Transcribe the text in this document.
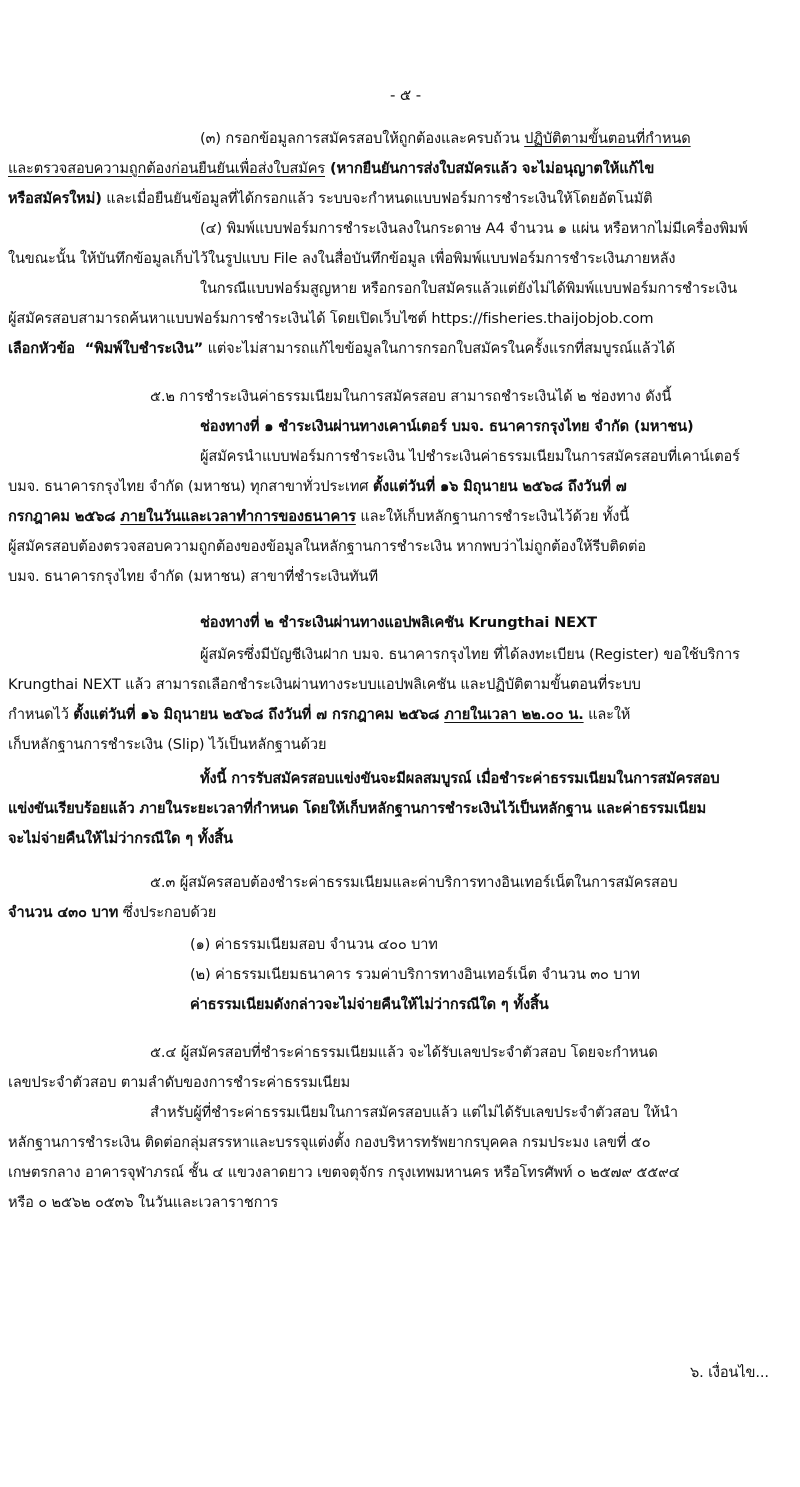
- ๕ -
(๓) กรอกข้อมูลการสมัครสอบให้ถูกต้องและครบถ้วน ปฏิบัติตามขั้นตอนที่กำหนด
และตรวจสอบความถูกต้องก่อนยืนยันเพื่อส่งใบสมัคร (หากยืนยันการส่งใบสมัครแล้ว จะไม่อนุญาตให้แก้ไข
หรือสมัครใหม่) และเมื่อยืนยันข้อมูลที่ได้กรอกแล้ว ระบบจะกำหนดแบบฟอร์มการชำระเงินให้โดยอัตโนมัติ
(๔) พิมพ์แบบฟอร์มการชำระเงินลงในกระดาษ A4 จำนวน ๑ แผ่น หรือหากไม่มีเครื่องพิมพ์
ในขณะนั้น ให้บันทึกข้อมูลเก็บไว้ในรูปแบบ File ลงในสื่อบันทึกข้อมูล เพื่อพิมพ์แบบฟอร์มการชำระเงินภายหลัง
ในกรณีแบบฟอร์มสูญหาย หรือกรอกใบสมัครแล้วแต่ยังไม่ได้พิมพ์แบบฟอร์มการชำระเงิน
ผู้สมัครสอบสามารถค้นหาแบบฟอร์มการชำระเงินได้ โดยเปิดเว็บไซต์ https://fisheries.thaijobjob.com
เลือกหัวข้อ  “พิมพ์ใบชำระเงิน” แต่จะไม่สามารถแก้ไขข้อมูลในการกรอกใบสมัครในครั้งแรกที่สมบูรณ์แล้วได้
๕.๒ การชำระเงินค่าธรรมเนียมในการสมัครสอบ สามารถชำระเงินได้ ๒ ช่องทาง ดังนี้
ช่องทางที่ ๑ ชำระเงินผ่านทางเคาน์เตอร์ บมจ. ธนาคารกรุงไทย จำกัด (มหาชน)
ผู้สมัครนำแบบฟอร์มการชำระเงิน ไปชำระเงินค่าธรรมเนียมในการสมัครสอบที่เคาน์เตอร์
บมจ. ธนาคารกรุงไทย จำกัด (มหาชน) ทุกสาขาทั่วประเทศ ตั้งแต่วันที่ ๑๖ มิถุนายน ๒๕๖๘ ถึงวันที่ ๗
กรกฎาคม ๒๕๖๘ ภายในวันและเวลาทำการของธนาคาร และให้เก็บหลักฐานการชำระเงินไว้ด้วย ทั้งนี้
ผู้สมัครสอบต้องตรวจสอบความถูกต้องของข้อมูลในหลักฐานการชำระเงิน หากพบว่าไม่ถูกต้องให้รีบติดต่อ
บมจ. ธนาคารกรุงไทย จำกัด (มหาชน) สาขาที่ชำระเงินทันที
ช่องทางที่ ๒ ชำระเงินผ่านทางแอปพลิเคชัน Krungthai NEXT
ผู้สมัครซึ่งมีบัญชีเงินฝาก บมจ. ธนาคารกรุงไทย ที่ได้ลงทะเบียน (Register) ขอใช้บริการ
Krungthai NEXT แล้ว สามารถเลือกชำระเงินผ่านทางระบบแอปพลิเคชัน และปฏิบัติตามขั้นตอนที่ระบบ
กำหนดไว้ ตั้งแต่วันที่ ๑๖ มิถุนายน ๒๕๖๘ ถึงวันที่ ๗ กรกฎาคม ๒๕๖๘ ภายในเวลา ๒๒.๐๐ น. และให้
เก็บหลักฐานการชำระเงิน (Slip) ไว้เป็นหลักฐานด้วย
ทั้งนี้ การรับสมัครสอบแข่งขันจะมีผลสมบูรณ์ เมื่อชำระค่าธรรมเนียมในการสมัครสอบ
แข่งขันเรียบร้อยแล้ว ภายในระยะเวลาที่กำหนด โดยให้เก็บหลักฐานการชำระเงินไว้เป็นหลักฐาน และค่าธรรมเนียม
จะไม่จ่ายคืนให้ไม่ว่ากรณีใด ๆ ทั้งสิ้น
๕.๓ ผู้สมัครสอบต้องชำระค่าธรรมเนียมและค่าบริการทางอินเทอร์เน็ตในการสมัครสอบ
จำนวน ๔๓๐ บาท ซึ่งประกอบด้วย
(๑) ค่าธรรมเนียมสอบ จำนวน ๔๐๐ บาท
(๒) ค่าธรรมเนียมธนาคาร รวมค่าบริการทางอินเทอร์เน็ต จำนวน ๓๐ บาท
ค่าธรรมเนียมดังกล่าวจะไม่จ่ายคืนให้ไม่ว่ากรณีใด ๆ ทั้งสิ้น
๕.๔ ผู้สมัครสอบที่ชำระค่าธรรมเนียมแล้ว จะได้รับเลขประจำตัวสอบ โดยจะกำหนด
เลขประจำตัวสอบ ตามลำดับของการชำระค่าธรรมเนียม
สำหรับผู้ที่ชำระค่าธรรมเนียมในการสมัครสอบแล้ว แต่ไม่ได้รับเลขประจำตัวสอบ ให้นำ
หลักฐานการชำระเงิน ติดต่อกลุ่มสรรหาและบรรจุแต่งตั้ง กองบริหารทรัพยากรบุคคล กรมประมง เลขที่ ๕๐
เกษตรกลาง อาคารจุฬาภรณ์ ชั้น ๔ แขวงลาดยาว เขตจตุจักร กรุงเทพมหานคร หรือโทรศัพท์ ๐ ๒๕๗๙ ๕๕๙๔
หรือ ๐ ๒๕๖๒ ๐๕๓๖ ในวันและเวลาราชการ
๖. เงื่อนไข...
